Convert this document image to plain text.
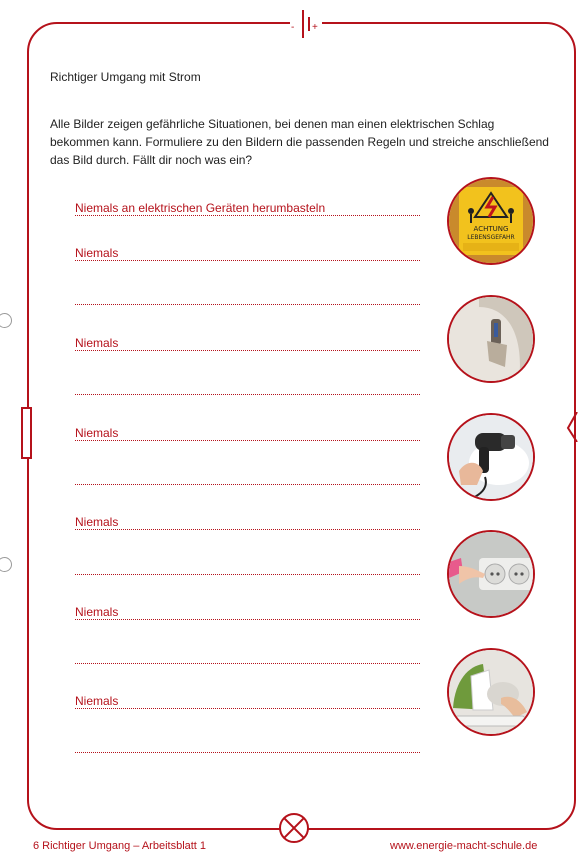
- +
Richtiger Umgang mit Strom
Alle Bilder zeigen gefährliche Situationen, bei denen man einen elektrischen Schlag bekommen kann. Formuliere zu den Bildern die passenden Regeln und streiche anschließend das Bild durch. Fällt dir noch was ein?
Niemals an elektrischen Geräten herumbasteln
Niemals
Niemals
Niemals
Niemals
Niemals
Niemals
ACHTUNG
LEBENSGEFAHR
6 Richtiger Umgang – Arbeitsblatt 1	www.energie-macht-schule.de
